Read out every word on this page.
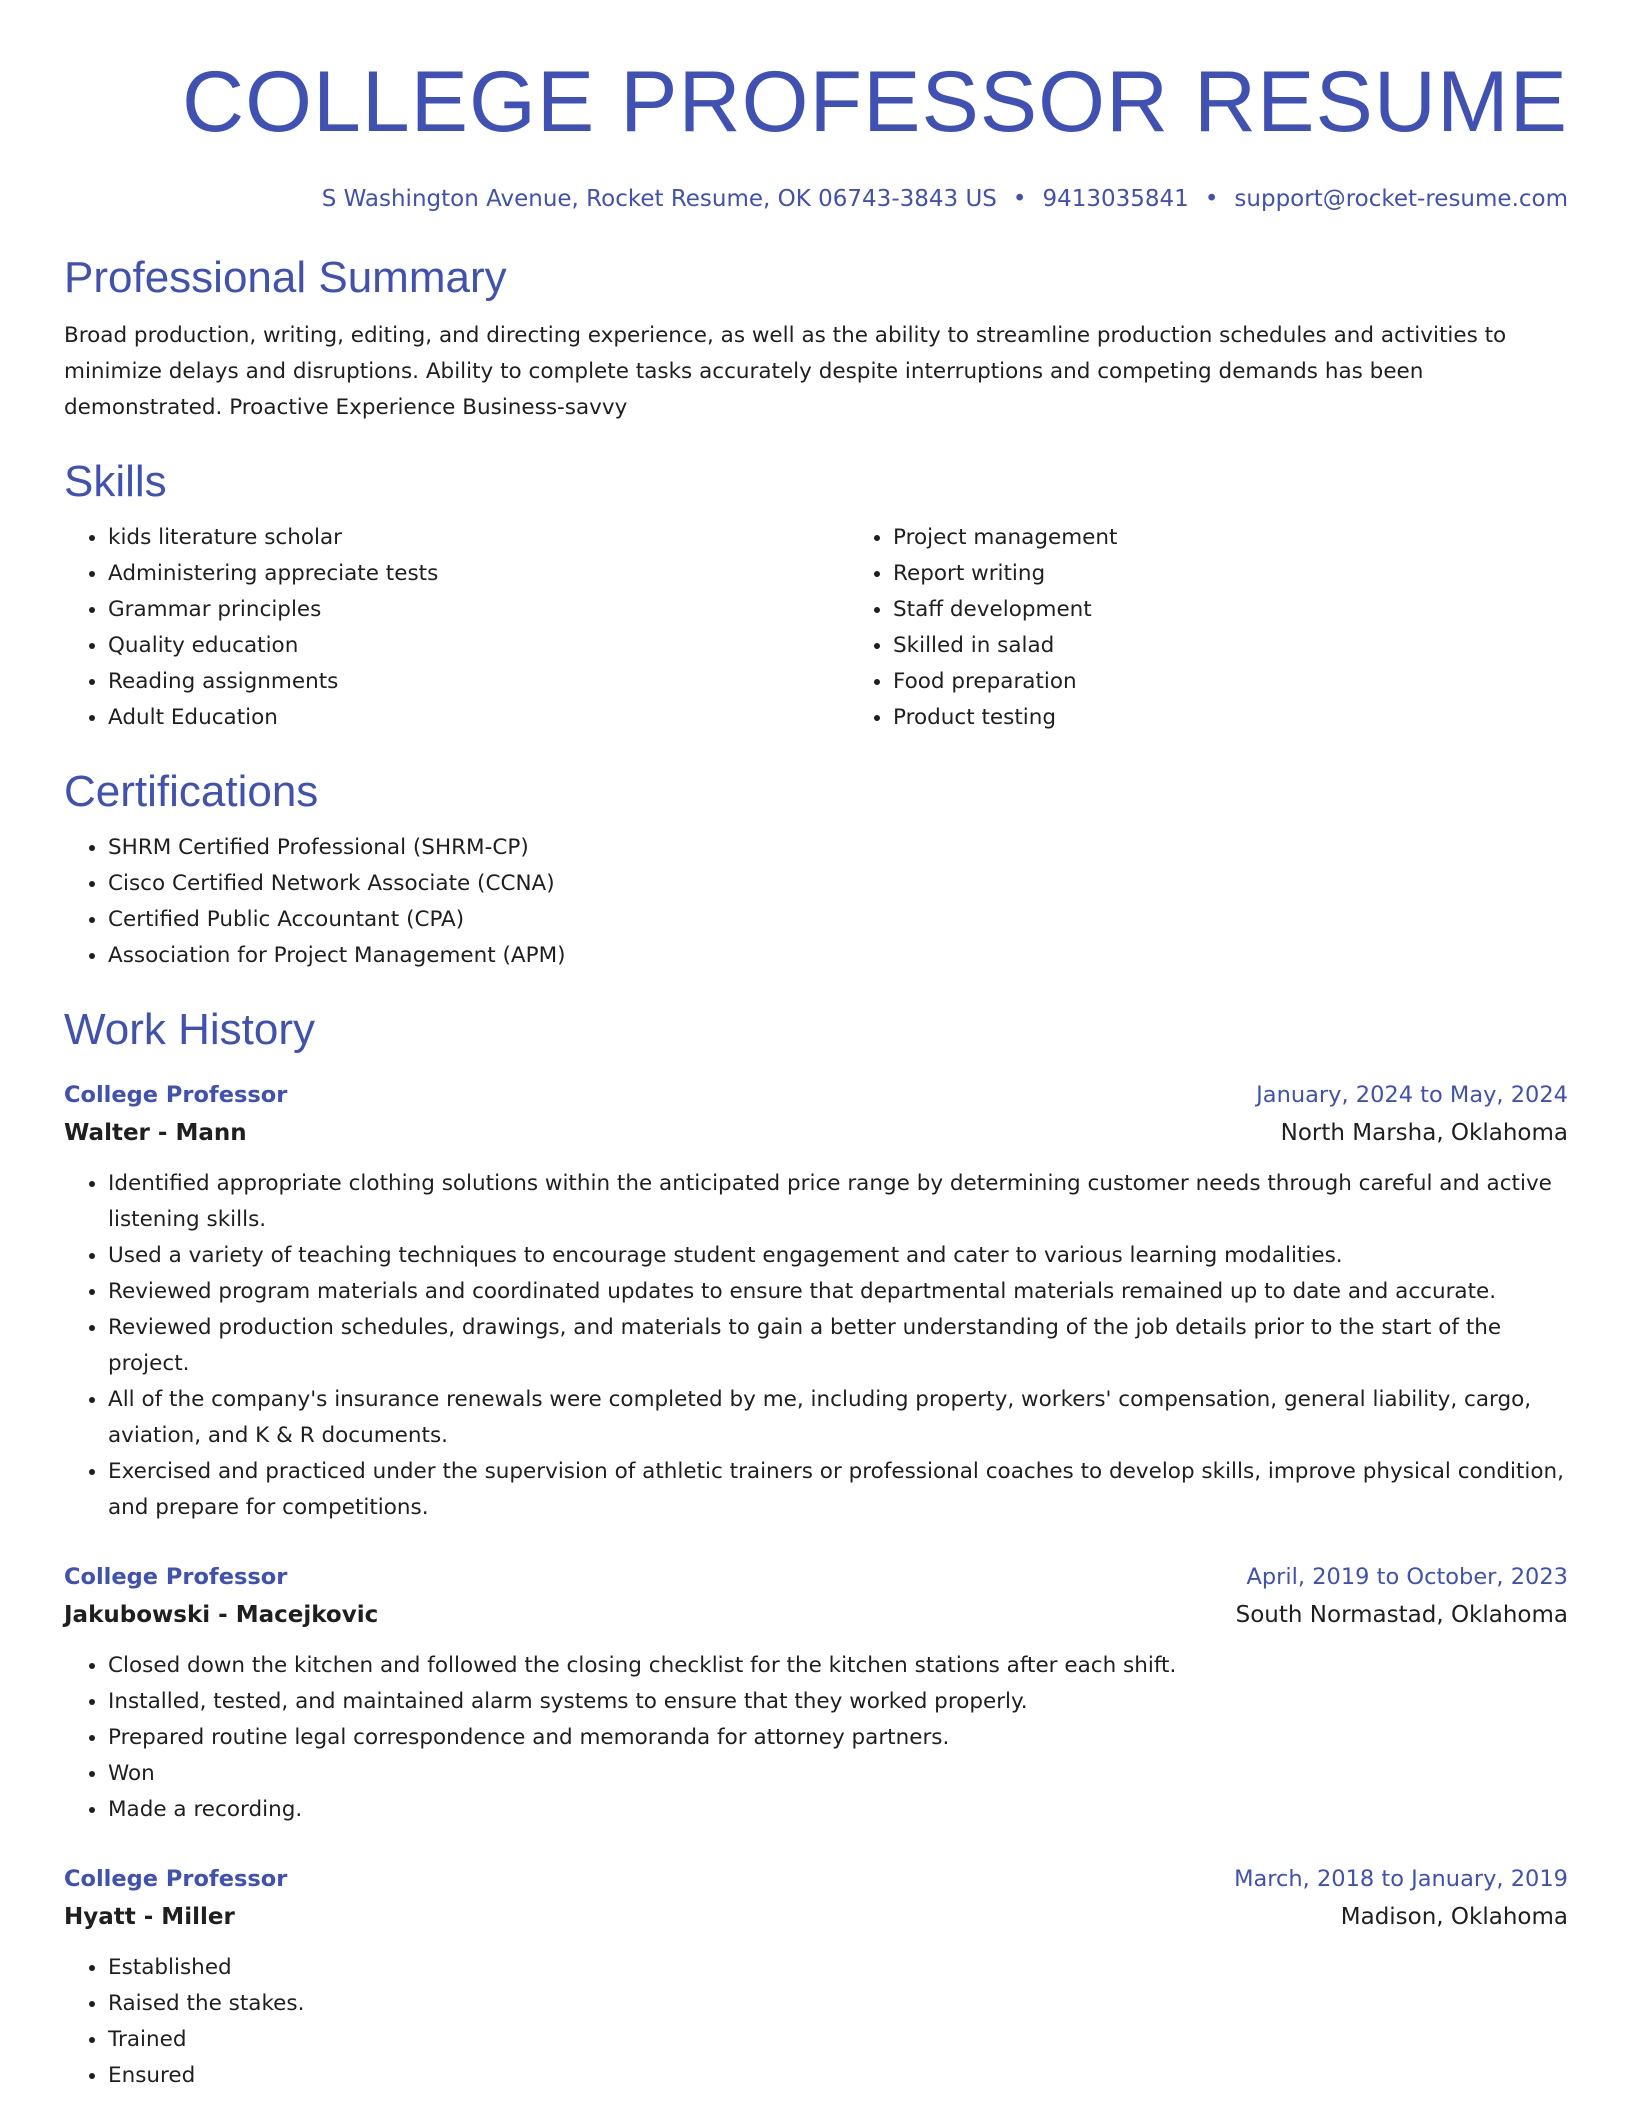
COLLEGE PROFESSOR RESUME
S Washington Avenue, Rocket Resume, OK 06743-3843 US • 9413035841 • support@rocket-resume.com
Professional Summary

Broad production, writing, editing, and directing experience, as well as the ability to streamline production schedules and activities to minimize delays and disruptions. Ability to complete tasks accurately despite interruptions and competing demands has been demonstrated. Proactive Experience Business-savvy

Skills
• kids literature scholar
• Administering appreciate tests
• Grammar principles
• Quality education
• Reading assignments
• Adult Education
• Project management
• Report writing
• Staff development
• Skilled in salad
• Food preparation
• Product testing
Certifications
• SHRM Certified Professional (SHRM-CP)
• Cisco Certified Network Associate (CCNA)
• Certified Public Accountant (CPA)
• Association for Project Management (APM)
Work History
College Professor	January, 2024 to May, 2024
Walter - Mann	North Marsha, Oklahoma
• Identified appropriate clothing solutions within the anticipated price range by determining customer needs through careful and active listening skills.
• Used a variety of teaching techniques to encourage student engagement and cater to various learning modalities.
• Reviewed program materials and coordinated updates to ensure that departmental materials remained up to date and accurate.
• Reviewed production schedules, drawings, and materials to gain a better understanding of the job details prior to the start of the project.
• All of the company's insurance renewals were completed by me, including property, workers' compensation, general liability, cargo, aviation, and K & R documents.
• Exercised and practiced under the supervision of athletic trainers or professional coaches to develop skills, improve physical condition, and prepare for competitions.
College Professor	April, 2019 to October, 2023
Jakubowski - Macejkovic	South Normastad, Oklahoma
• Closed down the kitchen and followed the closing checklist for the kitchen stations after each shift.
• Installed, tested, and maintained alarm systems to ensure that they worked properly.
• Prepared routine legal correspondence and memoranda for attorney partners.
• Won
• Made a recording.
College Professor	March, 2018 to January, 2019
Hyatt - Miller	Madison, Oklahoma
• Established
• Raised the stakes.
• Trained
• Ensured
